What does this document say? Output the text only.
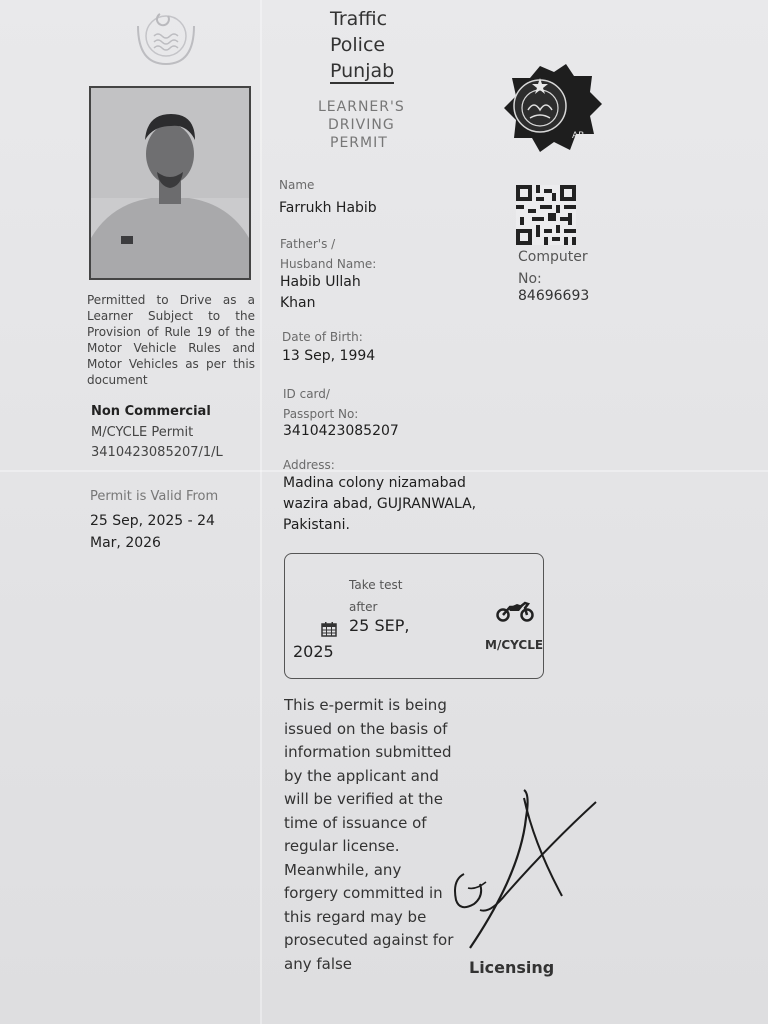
Traffic
Police
Punjab
LEARNER'S
DRIVING
PERMIT	AB
Permitted to Drive as a Learner Subject to the Provision of Rule 19 of the Motor Vehicle Rules and Motor Vehicles as per this document
Non Commercial
M/CYCLE Permit
3410423085207/1/L
Permit is Valid From
25 Sep, 2025 - 24
Mar, 2026
Name
Farrukh Habib
Father's /
Husband Name:
Habib Ullah
Khan
Date of Birth:
13 Sep, 1994
ID card/
Passport No:
3410423085207
Address:
Madina colony nizamabad
wazira abad, GUJRANWALA,
Pakistani.
Computer
No:
84696693
Take test
after
25 SEP,
2025	M/CYCLE
This e-permit is being issued on the basis of information submitted by the applicant and will be verified at the time of issuance of regular license. Meanwhile, any forgery committed in this regard may be prosecuted against for any false	Licensing
